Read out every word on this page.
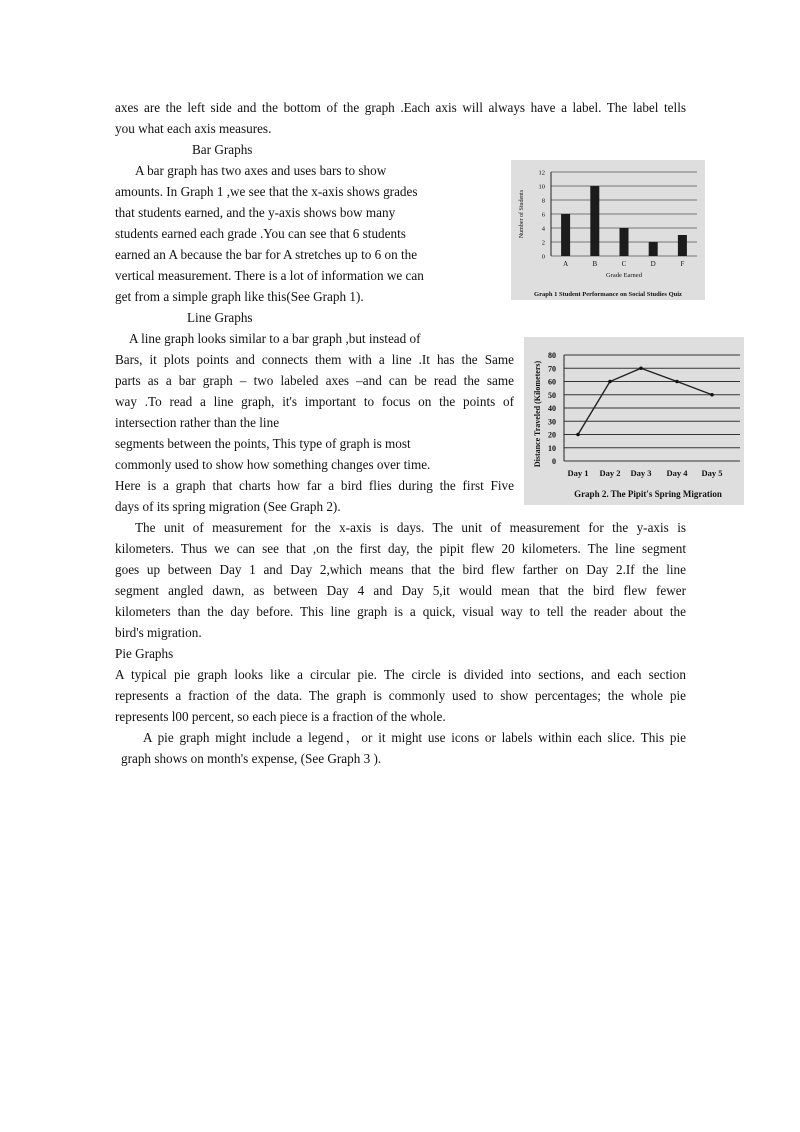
axes are the left side and the bottom of the graph .Each axis will always have a label. The label tells
you what each axis measures.
Bar Graphs
A bar graph has two axes and uses bars to show
amounts. In Graph 1 ,we see that the x-axis shows grades
that students earned, and the y-axis shows bow many
students earned each grade .You can see that 6 students
earned an A because the bar for A stretches up to 6 on the
vertical measurement. There is a lot of information we can
get from a simple graph like this(See Graph 1).
0
2
4
6
8
10
12
A	B	C	D	F
Grade Earned
Number of Students
Graph 1 Student Performance on Social Studies Quiz
Line Graphs
A line graph looks similar to a bar graph ,but instead of
Bars, it plots points and connects them with a line .It has the Same
parts as a bar graph – two labeled axes –and can be read the same
way .To read a line graph, it's important to focus on the points of
intersection rather than the line
segments between the points, This type of graph is most
commonly used to show how something changes over time.
Here is a graph that charts how far a bird flies during the first Five
days of its spring migration (See Graph 2).
0
10
20
30
40
50
60
70
80
Day 1 Day 2 Day 3 Day 4 Day 5
Distance Traveled (Kilometers)
Graph 2. The Pipit's Spring Migration
The unit of measurement for the x-axis is days. The unit of measurement for the y-axis is
kilometers. Thus we can see that ,on the first day, the pipit flew 20 kilometers. The line segment
goes up between Day 1 and Day 2,which means that the bird flew farther on Day 2.If the line
segment angled dawn, as between Day 4 and Day 5,it would mean that the bird flew fewer
kilometers than the day before. This line graph is a quick, visual way to tell the reader about the
bird's migration.
Pie Graphs
A typical pie graph looks like a circular pie. The circle is divided into sections, and each section
represents a fraction of the data. The graph is commonly used to show percentages; the whole pie
represents l00 percent, so each piece is a fraction of the whole.
A pie graph might include a legend，or it might use icons or labels within each slice. This pie
graph shows on month's expense, (See Graph 3 ).
